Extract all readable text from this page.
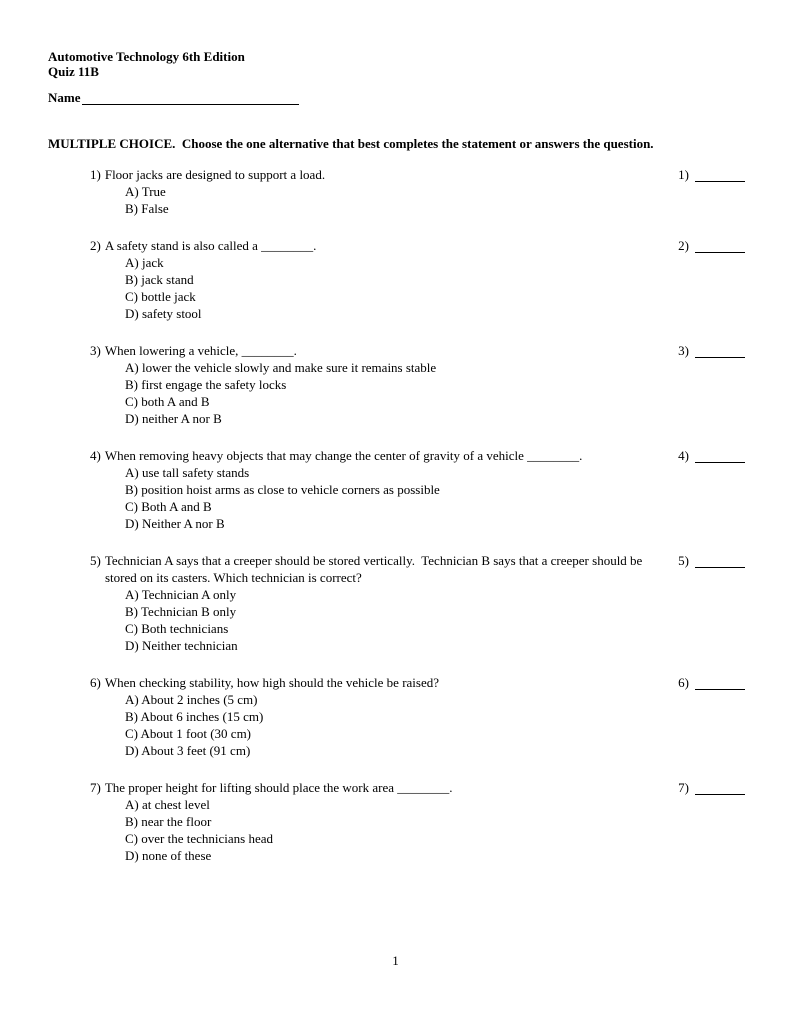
Automotive Technology 6th Edition
Quiz 11B
Name
MULTIPLE CHOICE.  Choose the one alternative that best completes the statement or answers the question.
1) Floor jacks are designed to support a load.
A) True
B) False
1)
2) A safety stand is also called a ________.
A) jack
B) jack stand
C) bottle jack
D) safety stool
2)
3) When lowering a vehicle, ________.
A) lower the vehicle slowly and make sure it remains stable
B) first engage the safety locks
C) both A and B
D) neither A nor B
3)
4) When removing heavy objects that may change the center of gravity of a vehicle ________.
A) use tall safety stands
B) position hoist arms as close to vehicle corners as possible
C) Both A and B
D) Neither A nor B
4)
5) Technician A says that a creeper should be stored vertically.  Technician B says that a creeper should be stored on its casters. Which technician is correct?
A) Technician A only
B) Technician B only
C) Both technicians
D) Neither technician
5)
6) When checking stability, how high should the vehicle be raised?
A) About 2 inches (5 cm)
B) About 6 inches (15 cm)
C) About 1 foot (30 cm)
D) About 3 feet (91 cm)
6)
7) The proper height for lifting should place the work area ________.
A) at chest level
B) near the floor
C) over the technicians head
D) none of these
7)
1
